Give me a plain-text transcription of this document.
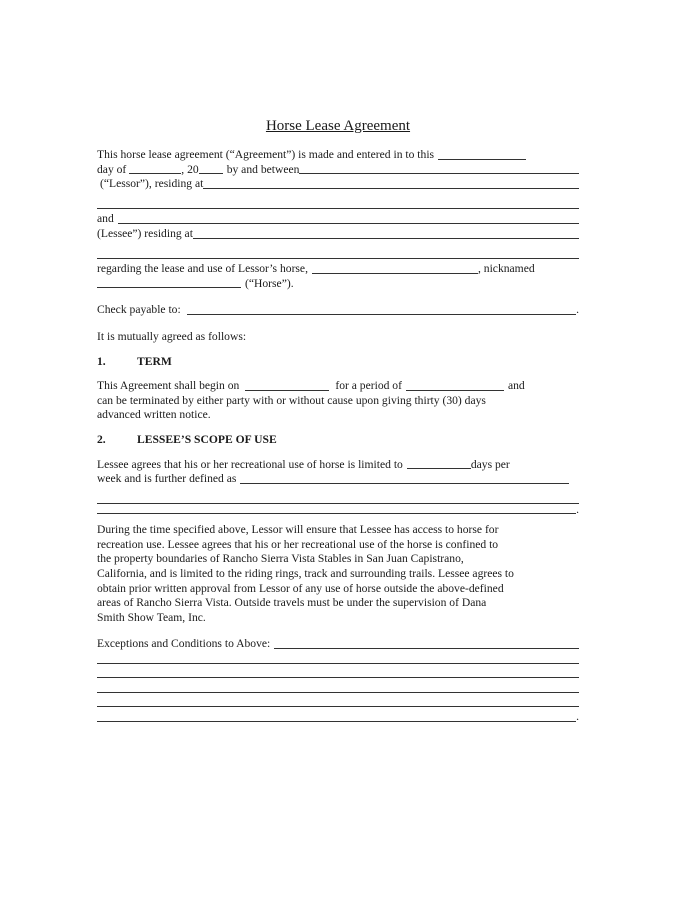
Horse Lease Agreement
This horse lease agreement (“Agreement”) is made and entered in to this
day of	, 20 by and between
(“Lessor”), residing at
and
(Lessee”) residing at
regarding the lease and use of Lessor’s horse,	, nicknamed
(“Horse”).
Check payable to:	.
It is mutually agreed as follows:
1.	TERM
This Agreement shall begin on	for a period of	and
can be terminated by either party with or without cause upon giving thirty (30) days
advanced written notice.
2.	LESSEE’S SCOPE OF USE
Lessee agrees that his or her recreational use of horse is limited to	days per
week and is further defined as
.

During the time specified above, Lessor will ensure that Lessee has access to horse for

recreation use. Lessee agrees that his or her recreational use of the horse is confined to

the property boundaries of Rancho Sierra Vista Stables in San Juan Capistrano,

California, and is limited to the riding rings, track and surrounding trails. Lessee agrees to

obtain prior written approval from Lessor of any use of horse outside the above-defined

areas of Rancho Sierra Vista. Outside travels must be under the supervision of Dana

Smith Show Team, Inc.

Exceptions and Conditions to Above:
.
